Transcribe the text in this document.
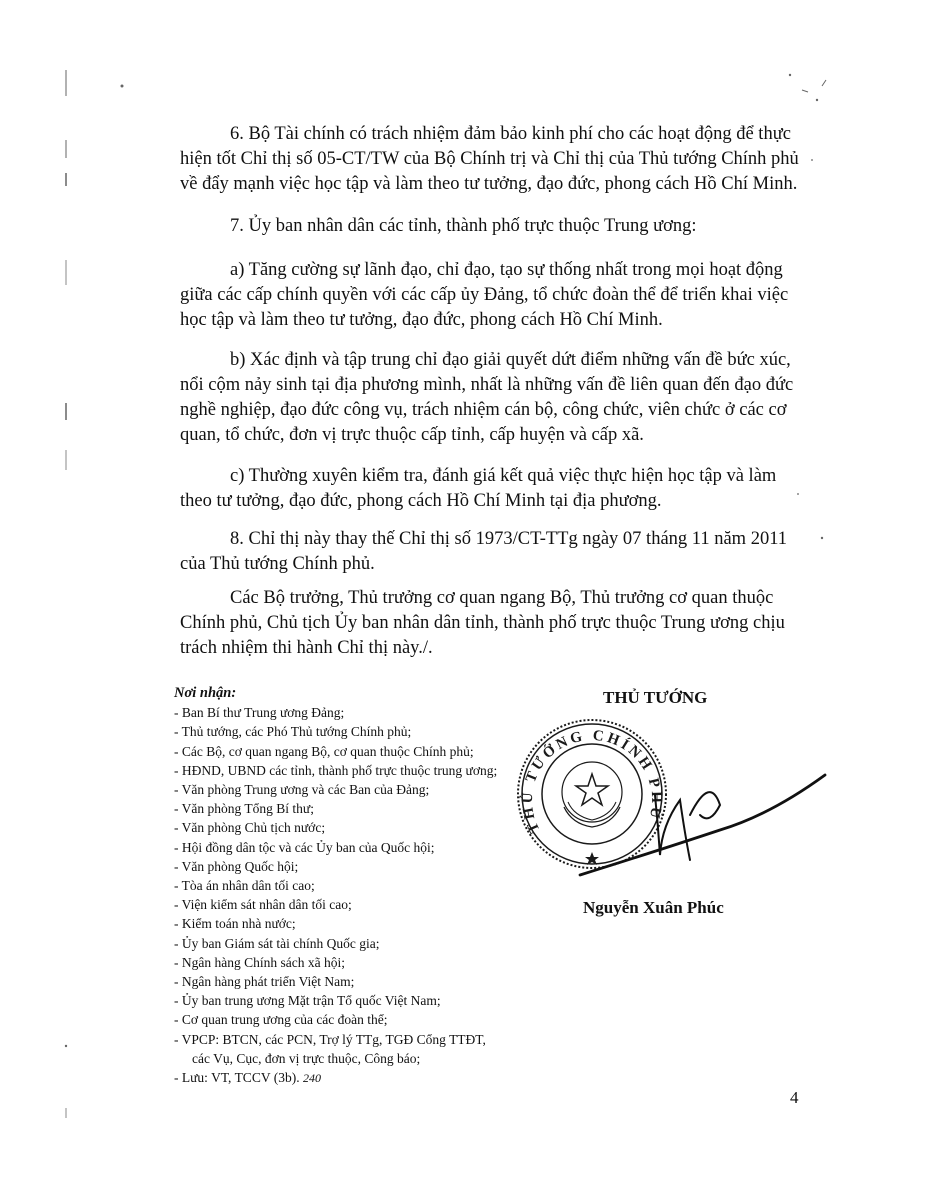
6. Bộ Tài chính có trách nhiệm đảm bảo kinh phí cho các hoạt động để thực
hiện tốt Chỉ thị số 05-CT/TW của Bộ Chính trị và Chỉ thị của Thủ tướng Chính phủ
về đẩy mạnh việc học tập và làm theo tư tưởng, đạo đức, phong cách Hồ Chí Minh.
7. Ủy ban nhân dân các tỉnh, thành phố trực thuộc Trung ương:
a) Tăng cường sự lãnh đạo, chỉ đạo, tạo sự thống nhất trong mọi hoạt động
giữa các cấp chính quyền với các cấp ủy Đảng, tổ chức đoàn thể để triển khai việc
học tập và làm theo tư tưởng, đạo đức, phong cách Hồ Chí Minh.
b) Xác định và tập trung chỉ đạo giải quyết dứt điểm những vấn đề bức xúc,
nổi cộm nảy sinh tại địa phương mình, nhất là những vấn đề liên quan đến đạo đức
nghề nghiệp, đạo đức công vụ, trách nhiệm cán bộ, công chức, viên chức ở các cơ
quan, tổ chức, đơn vị trực thuộc cấp tỉnh, cấp huyện và cấp xã.
c) Thường xuyên kiểm tra, đánh giá kết quả việc thực hiện học tập và làm
theo tư tưởng, đạo đức, phong cách Hồ Chí Minh tại địa phương.
8. Chỉ thị này thay thế Chỉ thị số 1973/CT-TTg ngày 07 tháng 11 năm 2011
của Thủ tướng Chính phủ.
Các Bộ trưởng, Thủ trưởng cơ quan ngang Bộ, Thủ trưởng cơ quan thuộc
Chính phủ, Chủ tịch Ủy ban nhân dân tỉnh, thành phố trực thuộc Trung ương chịu
trách nhiệm thi hành Chỉ thị này./.
Nơi nhận:
- Ban Bí thư Trung ương Đảng;
- Thủ tướng, các Phó Thủ tướng Chính phủ;
- Các Bộ, cơ quan ngang Bộ, cơ quan thuộc Chính phủ;
- HĐND, UBND các tỉnh, thành phố trực thuộc trung ương;
- Văn phòng Trung ương và các Ban của Đảng;
- Văn phòng Tổng Bí thư;
- Văn phòng Chủ tịch nước;
- Hội đồng dân tộc và các Ủy ban của Quốc hội;
- Văn phòng Quốc hội;
- Tòa án nhân dân tối cao;
- Viện kiểm sát nhân dân tối cao;
- Kiểm toán nhà nước;
- Ủy ban Giám sát tài chính Quốc gia;
- Ngân hàng Chính sách xã hội;
- Ngân hàng phát triển Việt Nam;
- Ủy ban trung ương Mặt trận Tổ quốc Việt Nam;
- Cơ quan trung ương của các đoàn thể;
- VPCP: BTCN, các PCN, Trợ lý TTg, TGĐ Cổng TTĐT,
các Vụ, Cục, đơn vị trực thuộc, Công báo;
- Lưu: VT, TCCV (3b). 240
THỦ TƯỚNG
THỦ TƯỚNG CHÍNH PHỦ
Nguyễn Xuân Phúc
4
